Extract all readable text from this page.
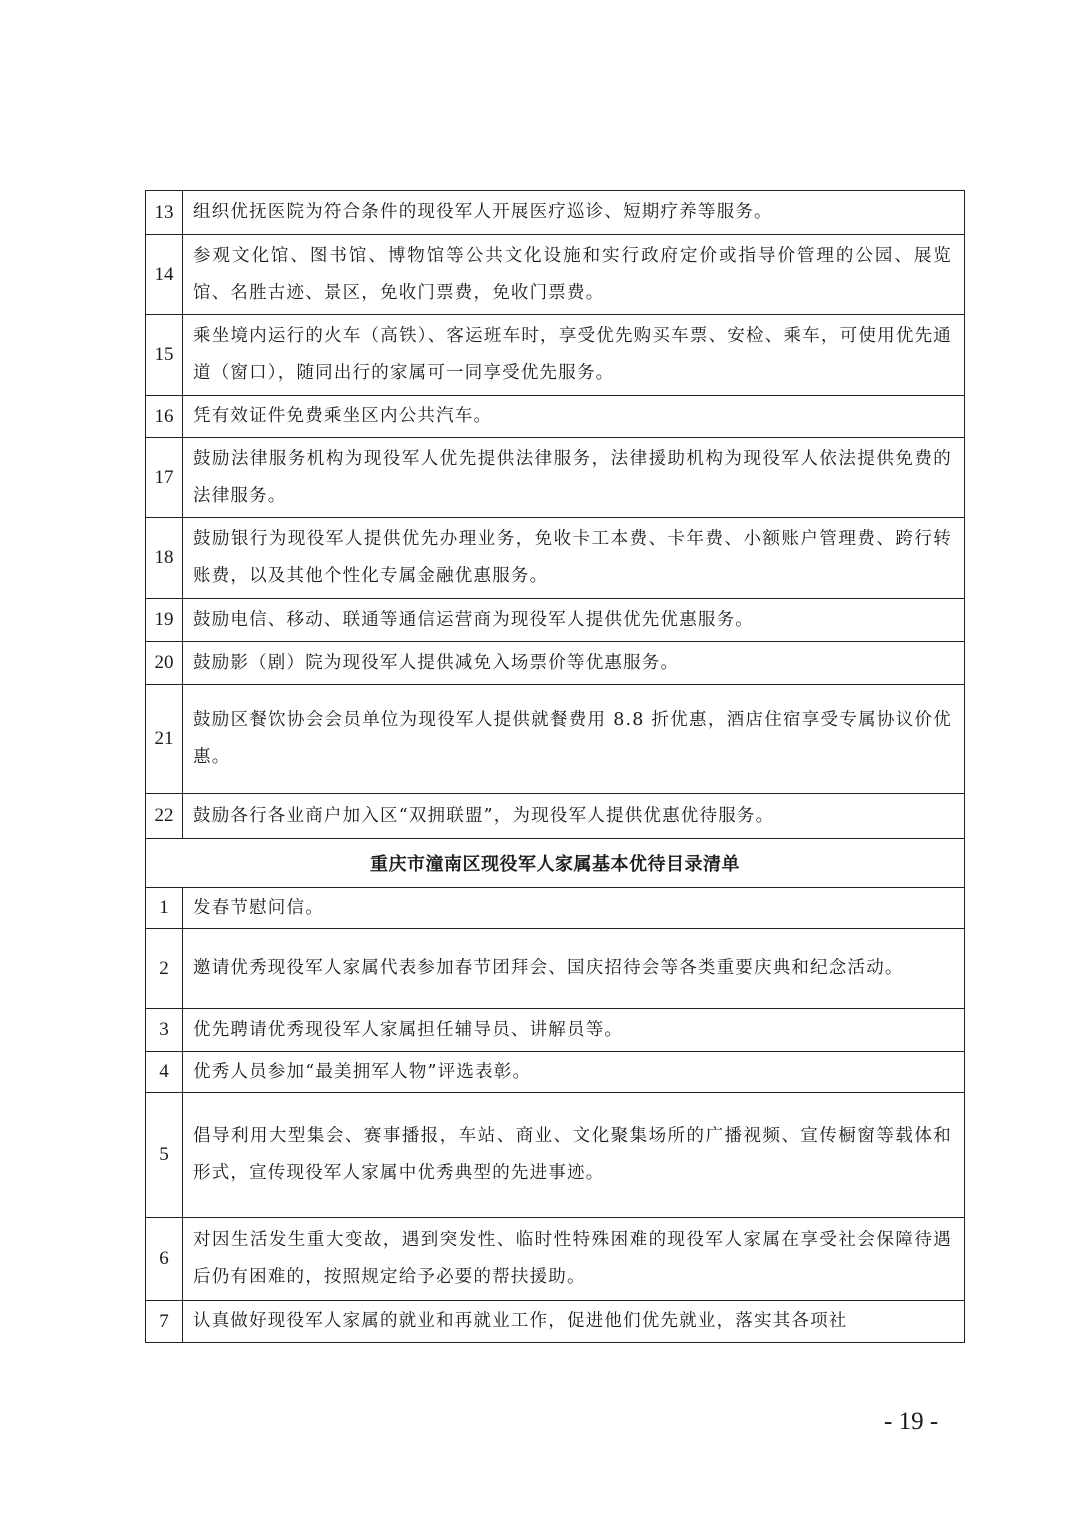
13	组织优抚医院为符合条件的现役军人开展医疗巡诊、短期疗养等服务。
14	参观文化馆、图书馆、博物馆等公共文化设施和实行政府定价或指导价管理的公园、展览馆、名胜古迹、景区，免收门票费，免收门票费。
15	乘坐境内运行的火车（高铁）、客运班车时，享受优先购买车票、安检、乘车，可使用优先通道（窗口），随同出行的家属可一同享受优先服务。
16	凭有效证件免费乘坐区内公共汽车。
17	鼓励法律服务机构为现役军人优先提供法律服务，法律援助机构为现役军人依法提供免费的法律服务。
18	鼓励银行为现役军人提供优先办理业务，免收卡工本费、卡年费、小额账户管理费、跨行转账费，以及其他个性化专属金融优惠服务。
19	鼓励电信、移动、联通等通信运营商为现役军人提供优先优惠服务。
20	鼓励影（剧）院为现役军人提供减免入场票价等优惠服务。
21	鼓励区餐饮协会会员单位为现役军人提供就餐费用 8.8 折优惠，酒店住宿享受专属协议价优惠。
22	鼓励各行各业商户加入区“双拥联盟”，为现役军人提供优惠优待服务。
重庆市潼南区现役军人家属基本优待目录清单	
1	发春节慰问信。
2	邀请优秀现役军人家属代表参加春节团拜会、国庆招待会等各类重要庆典和纪念活动。
3	优先聘请优秀现役军人家属担任辅导员、讲解员等。
4	优秀人员参加“最美拥军人物”评选表彰。
5	倡导利用大型集会、赛事播报，车站、商业、文化聚集场所的广播视频、宣传橱窗等载体和形式，宣传现役军人家属中优秀典型的先进事迹。
6	对因生活发生重大变故，遇到突发性、临时性特殊困难的现役军人家属在享受社会保障待遇后仍有困难的，按照规定给予必要的帮扶援助。
7	认真做好现役军人家属的就业和再就业工作，促进他们优先就业，落实其各项社
- 19 -
